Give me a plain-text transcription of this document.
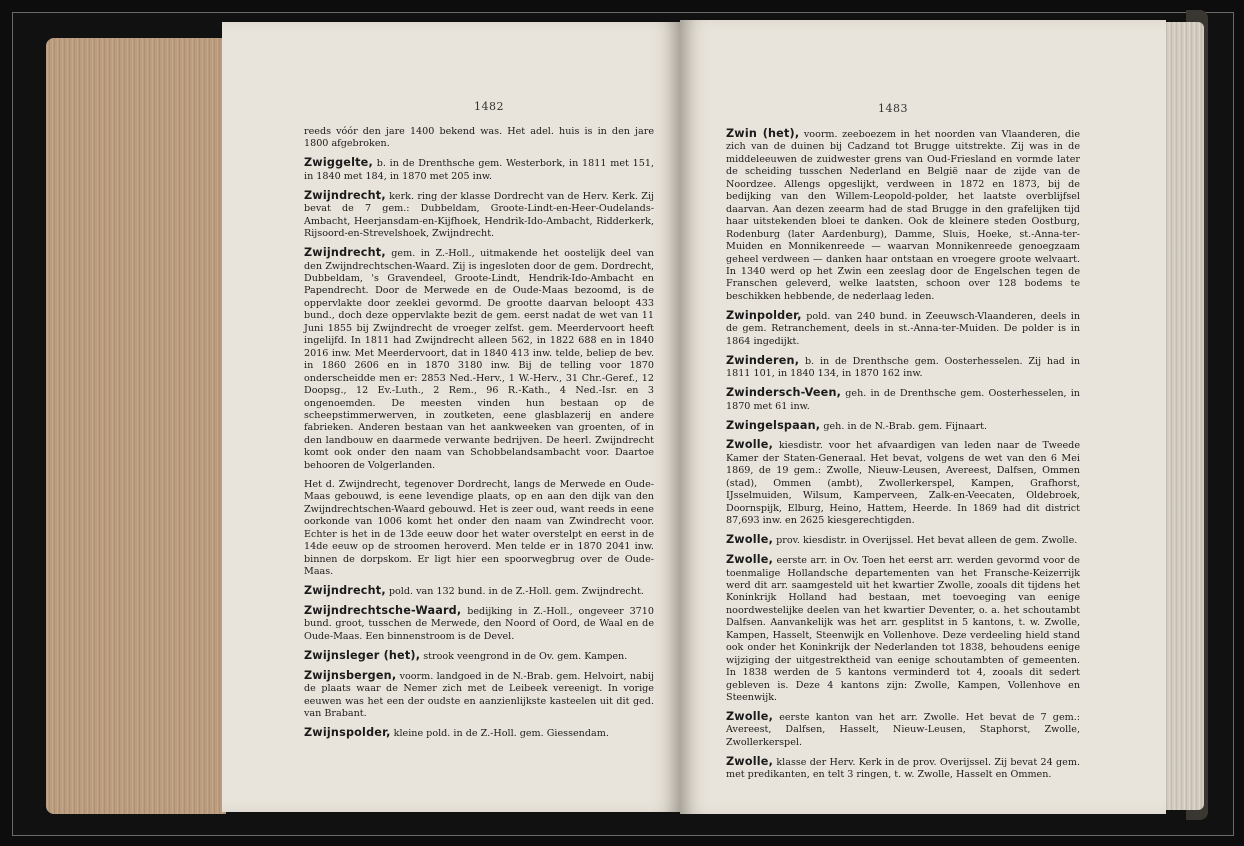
1482

reeds vóór den jare 1400 bekend was. Het adel. huis is in den jare 1800 afgebroken.

Zwiggelte, b. in de Drenthsche gem. Westerbork, in 1811 met 151, in 1840 met 184, in 1870 met 205 inw.

Zwijndrecht, kerk. ring der klasse Dordrecht van de Herv. Kerk. Zij bevat de 7 gem.: Dubbeldam, Groote-Lindt-en-Heer-Oudelands-Ambacht, Heerjansdam-en-Kijfhoek, Hendrik-Ido-Ambacht, Ridderkerk, Rijsoord-en-Strevelshoek, Zwijndrecht.

Zwijndrecht, gem. in Z.-Holl., uitmakende het oostelijk deel van den Zwijndrechtschen-Waard. Zij is ingesloten door de gem. Dordrecht, Dubbeldam, 's Gravendeel, Groote-Lindt, Hendrik-Ido-Ambacht en Papendrecht. Door de Merwede en de Oude-Maas bezoomd, is de oppervlakte door zeeklei gevormd. De grootte daarvan beloopt 433 bund., doch deze oppervlakte bezit de gem. eerst nadat de wet van 11 Juni 1855 bij Zwijndrecht de vroeger zelfst. gem. Meerdervoort heeft ingelijfd. In 1811 had Zwijndrecht alleen 562, in 1822 688 en in 1840 2016 inw. Met Meerdervoort, dat in 1840 413 inw. telde, beliep de bev. in 1860 2606 en in 1870 3180 inw. Bij de telling voor 1870 onderscheidde men er: 2853 Ned.-Herv., 1 W.-Herv., 31 Chr.-Geref., 12 Doopsg., 12 Ev.-Luth., 2 Rem., 96 R.-Kath., 4 Ned.-Isr. en 3 ongenoemden. De meesten vinden hun bestaan op de scheepstimmerwerven, in zoutketen, eene glasblazerij en andere fabrieken. Anderen bestaan van het aankweeken van groenten, of in den landbouw en daarmede verwante bedrijven. De heerl. Zwijndrecht komt ook onder den naam van Schobbelandsambacht voor. Daartoe behooren de Volgerlanden.

Het d. Zwijndrecht, tegenover Dordrecht, langs de Merwede en Oude-Maas gebouwd, is eene levendige plaats, op en aan den dijk van den Zwijndrechtschen-Waard gebouwd. Het is zeer oud, want reeds in eene oorkonde van 1006 komt het onder den naam van Zwindrecht voor. Echter is het in de 13de eeuw door het water overstelpt en eerst in de 14de eeuw op de stroomen heroverd. Men telde er in 1870 2041 inw. binnen de dorpskom. Er ligt hier een spoorwegbrug over de Oude-Maas.

Zwijndrecht, pold. van 132 bund. in de Z.-Holl. gem. Zwijndrecht.

Zwijndrechtsche-Waard, bedijking in Z.-Holl., ongeveer 3710 bund. groot, tusschen de Merwede, den Noord of Oord, de Waal en de Oude-Maas. Een binnenstroom is de Devel.

Zwijnsleger (het), strook veengrond in de Ov. gem. Kampen.

Zwijnsbergen, voorm. landgoed in de N.-Brab. gem. Helvoirt, nabij de plaats waar de Nemer zich met de Leibeek vereenigt. In vorige eeuwen was het een der oudste en aanzienlijkste kasteelen uit dit ged. van Brabant.

Zwijnspolder, kleine pold. in de Z.-Holl. gem. Giessendam.

1483

Zwin (het), voorm. zeeboezem in het noorden van Vlaanderen, die zich van de duinen bij Cadzand tot Brugge uitstrekte. Zij was in de middeleeuwen de zuidwester grens van Oud-Friesland en vormde later de scheiding tusschen Nederland en België naar de zijde van de Noordzee. Allengs opgeslijkt, verdween in 1872 en 1873, bij de bedijking van den Willem-Leopold-polder, het laatste overblijfsel daarvan. Aan dezen zeearm had de stad Brugge in den grafelijken tijd haar uitstekenden bloei te danken. Ook de kleinere steden Oostburg, Rodenburg (later Aardenburg), Damme, Sluis, Hoeke, st.-Anna-ter-Muiden en Monnikenreede — waarvan Monnikenreede genoegzaam geheel verdween — danken haar ontstaan en vroegere groote welvaart. In 1340 werd op het Zwin een zeeslag door de Engelschen tegen de Franschen geleverd, welke laatsten, schoon over 128 bodems te beschikken hebbende, de nederlaag leden.

Zwinpolder, pold. van 240 bund. in Zeeuwsch-Vlaanderen, deels in de gem. Retranchement, deels in st.-Anna-ter-Muiden. De polder is in 1864 ingedijkt.

Zwinderen, b. in de Drenthsche gem. Oosterhesselen. Zij had in 1811 101, in 1840 134, in 1870 162 inw.

Zwindersch-Veen, geh. in de Drenthsche gem. Oosterhesselen, in 1870 met 61 inw.

Zwingelspaan, geh. in de N.-Brab. gem. Fijnaart.

Zwolle, kiesdistr. voor het afvaardigen van leden naar de Tweede Kamer der Staten-Generaal. Het bevat, volgens de wet van den 6 Mei 1869, de 19 gem.: Zwolle, Nieuw-Leusen, Avereest, Dalfsen, Ommen (stad), Ommen (ambt), Zwollerkerspel, Kampen, Grafhorst, IJsselmuiden, Wilsum, Kamperveen, Zalk-en-Veecaten, Oldebroek, Doornspijk, Elburg, Heino, Hattem, Heerde. In 1869 had dit district 87,693 inw. en 2625 kiesgerechtigden.

Zwolle, prov. kiesdistr. in Overijssel. Het bevat alleen de gem. Zwolle.

Zwolle, eerste arr. in Ov. Toen het eerst arr. werden gevormd voor de toenmalige Hollandsche departementen van het Fransche-Keizerrijk werd dit arr. saamgesteld uit het kwartier Zwolle, zooals dit tijdens het Koninkrijk Holland had bestaan, met toevoeging van eenige noordwestelijke deelen van het kwartier Deventer, o. a. het schoutambt Dalfsen. Aanvankelijk was het arr. gesplitst in 5 kantons, t. w. Zwolle, Kampen, Hasselt, Steenwijk en Vollenhove. Deze verdeeling hield stand ook onder het Koninkrijk der Nederlanden tot 1838, behoudens eenige wijziging der uitgestrektheid van eenige schoutambten of gemeenten. In 1838 werden de 5 kantons verminderd tot 4, zooals dit sedert gebleven is. Deze 4 kantons zijn: Zwolle, Kampen, Vollenhove en Steenwijk.

Zwolle, eerste kanton van het arr. Zwolle. Het bevat de 7 gem.: Avereest, Dalfsen, Hasselt, Nieuw-Leusen, Staphorst, Zwolle, Zwollerkerspel.

Zwolle, klasse der Herv. Kerk in de prov. Overijssel. Zij bevat 24 gem. met predikanten, en telt 3 ringen, t. w. Zwolle, Hasselt en Ommen.
